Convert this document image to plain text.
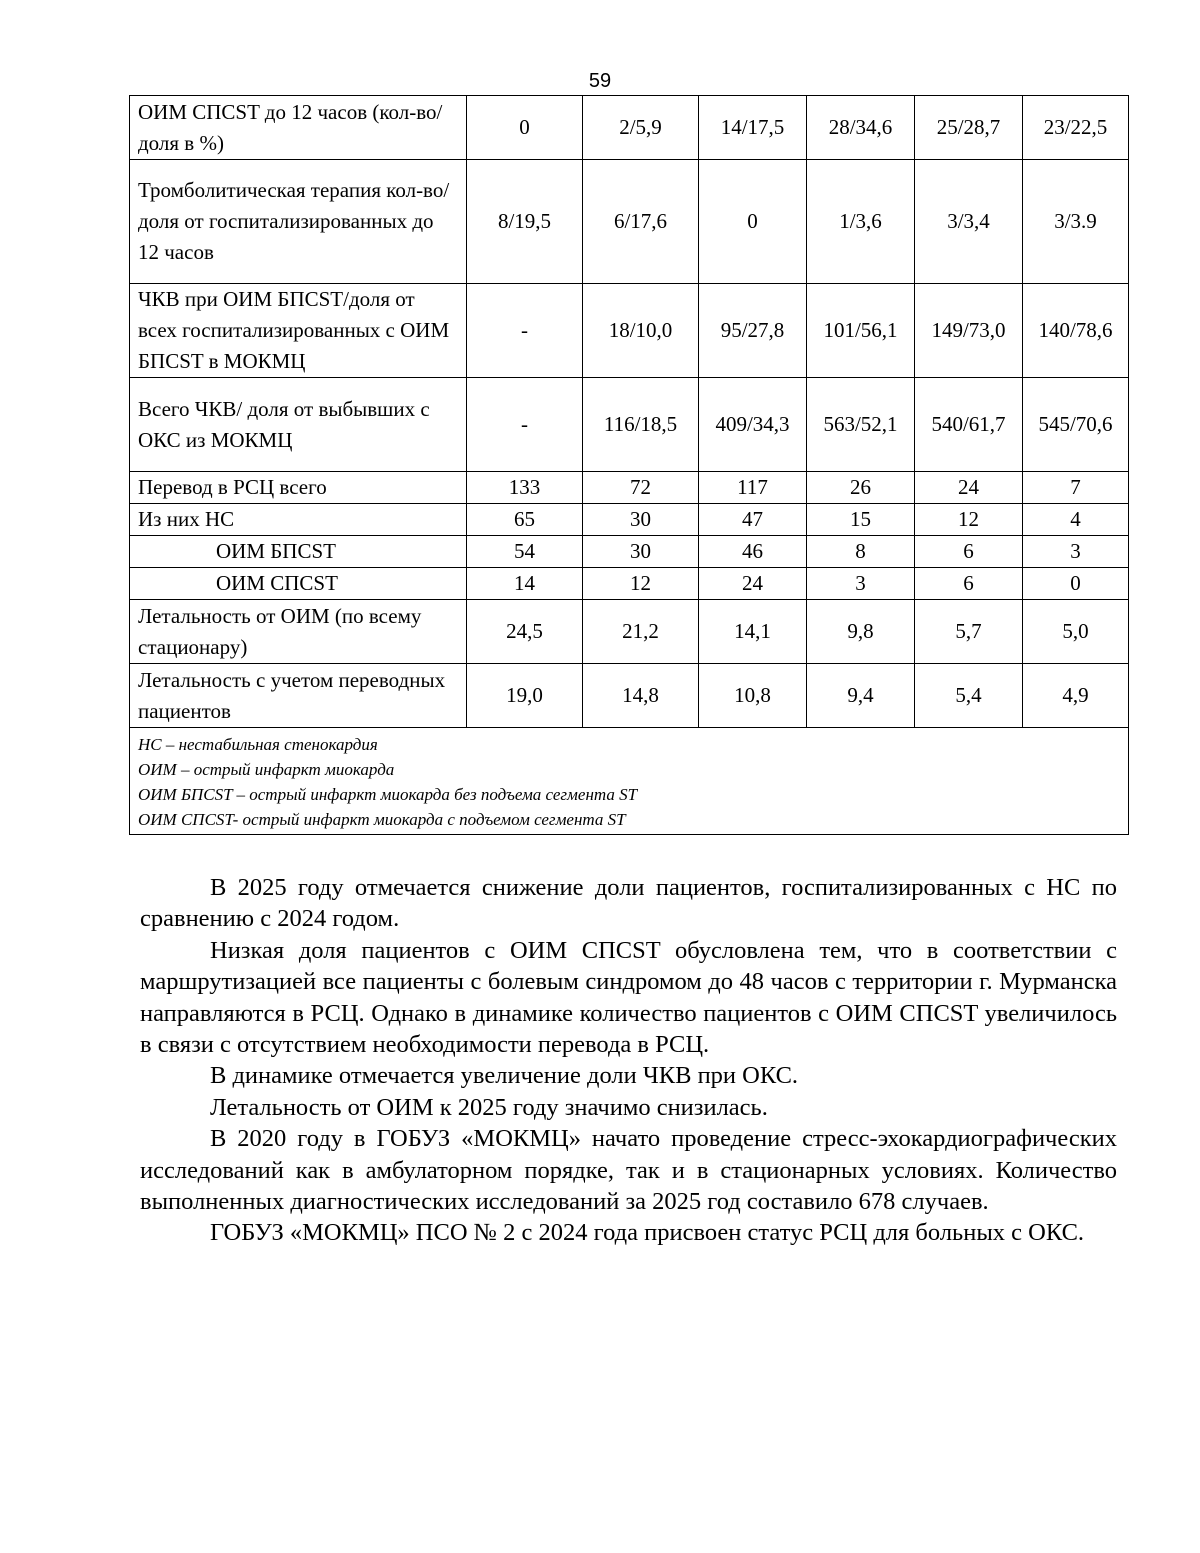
59
ОИМ СПСST до 12 часов (кол-во/доля в %)	0	2/5,9	14/17,5	28/34,6	25/28,7	23/22,5
Тромболитическая терапия кол-во/доля от госпитализированных до 12 часов	8/19,5	6/17,6	0	1/3,6	3/3,4	3/3.9
ЧКВ при ОИМ БПСST/доля от всех госпитализированных с ОИМ БПСST в МОКМЦ	-	18/10,0	95/27,8	101/56,1	149/73,0	140/78,6
Всего ЧКВ/ доля от выбывших с ОКС из МОКМЦ	-	116/18,5	409/34,3	563/52,1	540/61,7	545/70,6
Перевод в РСЦ всего	133	72	117	26	24	7
Из них НС	65	30	47	15	12	4
ОИМ БПСST	54	30	46	8	6	3
ОИМ СПСST	14	12	24	3	6	0
Летальность от ОИМ (по всему стационару)	24,5	21,2	14,1	9,8	5,7	5,0
Летальность с учетом переводных пациентов	19,0	14,8	10,8	9,4	5,4	4,9

НС – нестабильная стенокардия
ОИМ – острый инфаркт миокарда
ОИМ БПСST – острый инфаркт миокарда без подъема сегмента ST
ОИМ СПСST- острый инфаркт миокарда с подъемом сегмента ST						

В 2025 году отмечается снижение доли пациентов, госпитализированных с НС по сравнению с 2024 годом.

Низкая доля пациентов с ОИМ СПСST обусловлена тем, что в соответствии с маршрутизацией все пациенты с болевым синдромом до 48 часов с территории г. Мурманска направляются в РСЦ. Однако в динамике количество пациентов с ОИМ СПСST увеличилось в связи с отсутствием необходимости перевода в РСЦ.

В динамике отмечается увеличение доли ЧКВ при ОКС.

Летальность от ОИМ к 2025 году значимо снизилась.

В 2020 году в ГОБУЗ «МОКМЦ» начато проведение стресс-эхокардиографических исследований как в амбулаторном порядке, так и в стационарных условиях. Количество выполненных диагностических исследований за 2025 год составило 678 случаев.

ГОБУЗ «МОКМЦ» ПСО № 2 с 2024 года присвоен статус РСЦ для больных с ОКС.
